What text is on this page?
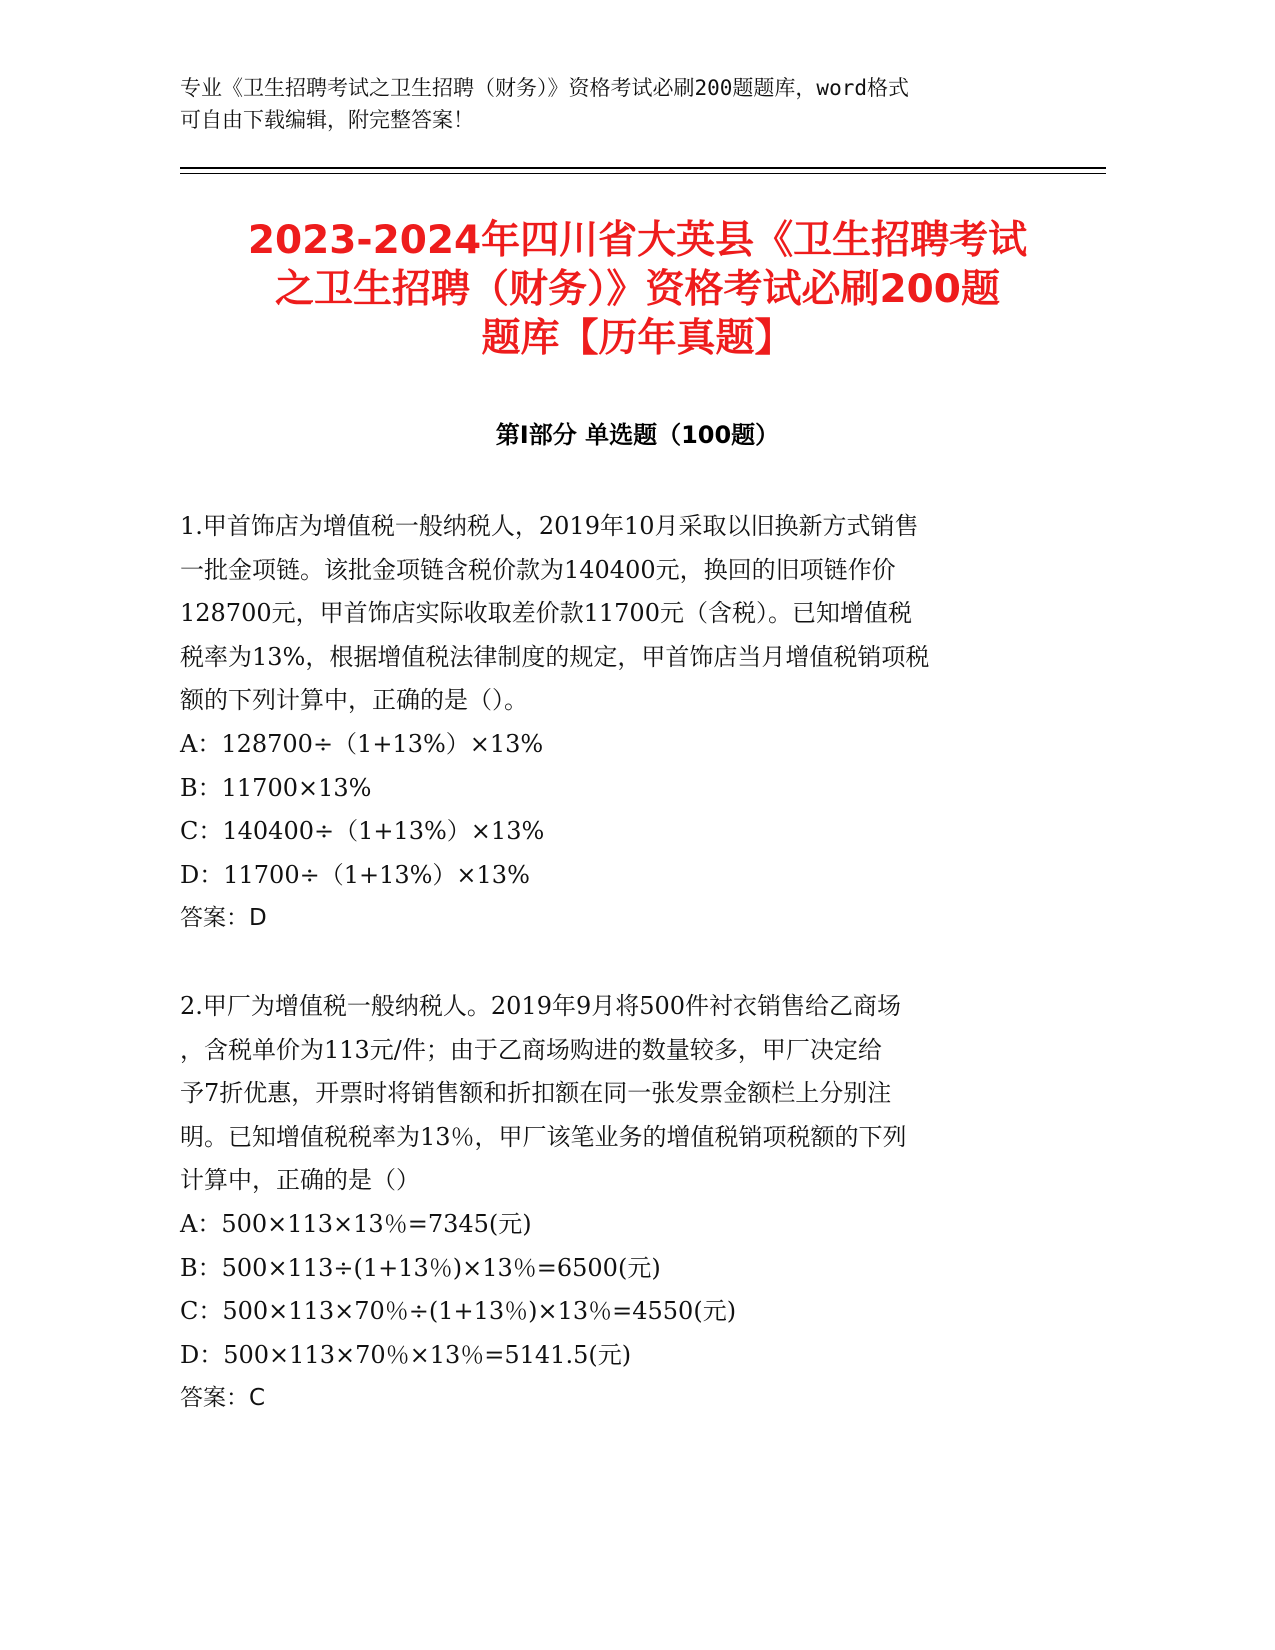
专业《卫生招聘考试之卫生招聘（财务）》资格考试必刷200题题库，word格式
可自由下载编辑，附完整答案！
2023-2024年四川省大英县《卫生招聘考试
之卫生招聘（财务）》资格考试必刷200题
题库【历年真题】
第Ⅰ部分 单选题（100题）
1.甲首饰店为增值税一般纳税人，2019年10月采取以旧换新方式销售
一批金项链。该批金项链含税价款为140400元，换回的旧项链作价
128700元，甲首饰店实际收取差价款11700元（含税）。已知增值税
税率为13%，根据增值税法律制度的规定，甲首饰店当月增值税销项税
额的下列计算中，正确的是（）。
A：128700÷（1+13%）×13%
B：11700×13%
C：140400÷（1+13%）×13%
D：11700÷（1+13%）×13%
答案：D
2.甲厂为增值税一般纳税人。2019年9月将500件衬衣销售给乙商场
，含税单价为113元/件；由于乙商场购进的数量较多，甲厂决定给
予7折优惠，开票时将销售额和折扣额在同一张发票金额栏上分别注
明。已知增值税税率为13％，甲厂该笔业务的增值税销项税额的下列
计算中，正确的是（）
A：500×113×13％=7345(元)
B：500×113÷(1+13％)×13％=6500(元)
C：500×113×70％÷(1+13％)×13％=4550(元)
D：500×113×70％×13％=5141.5(元)
答案：C
